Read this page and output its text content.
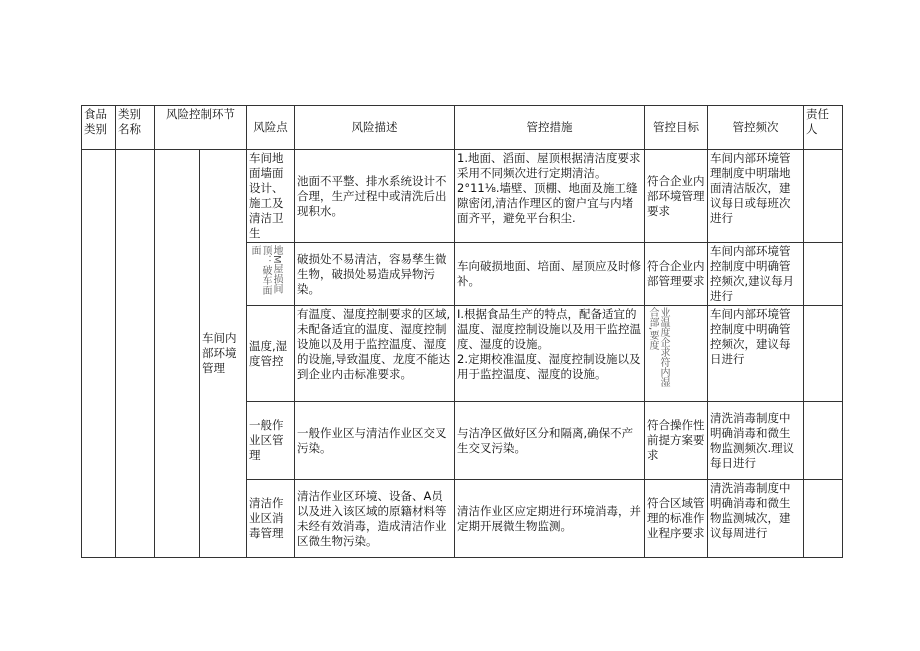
食品类别	类别名称	风险控制环节		风险点	风险描述	管控措施	管控目标	管控频次	责任人
			车间内部环境管理	车间地面墙面设计、施工及清洁卫生	池面不平整、排水系统设计不合理，生产过程中或清洗后出现积水。	1.地面、滔面、屋顶根据清洁度要求采用不同频次进行定期清洁。
2°11⅛.墙壁、顶棚、地面及施工缝隙密闭,清洁作理区的窗户宜与内堵面齐平，避免平台积尘.	符合企业内部环境管理要求	车间内部环境管理制度中明瑞地面清洁版次，建议每日或每班次进行	

				地M屋损间顶：破车面面	破损处不易清洁，容易孳生微生物，破损处易造成异物污染。	车向破损地面、培面、屋顶应及时修补。	符合企业内部管理要求	车间内部环境管控制度中明确管控频次,建议每月进行	
				温度,湿度管控	有温度、湿度控制要求的区域,未配备适宜的温度、湿度控制设施以及用于监控温度、湿度的设施,导致温度、龙度不能达到企业内击标准要求。	Ⅰ.根据食品生产的特点，配备适宜的温度、湿度控制设施以及用干监控温度、湿度的设施。
2.定期校准温度、湿度控制设施以及用于监控温度、湿度的设施。	业温度企求符内湿合部,要度	车间内部环境管控制度中明确管控频次，建议每日进行	
				一般作业区管理	一般作业区与清洁作业区交叉污染。	与洁净区做好区分和隔离,确保不产生交叉污染。	符合操作性前提方案要求	清洗消毒制度中明确消毒和微生物监测频次.理议每日进行	
				清洁作业区消毒管理	清洁作业区环境、设备、A员以及进入该区域的原籍材料等未经有效消毒，造成清洁作业区微生物污染。	清洁作业区应定期进行环境消毒，并定期开展微生物监测。	符合区域管理的标准作业程序要求	清洗消毒制度中明确消毒和微生物监测城次，建议每周进行	
